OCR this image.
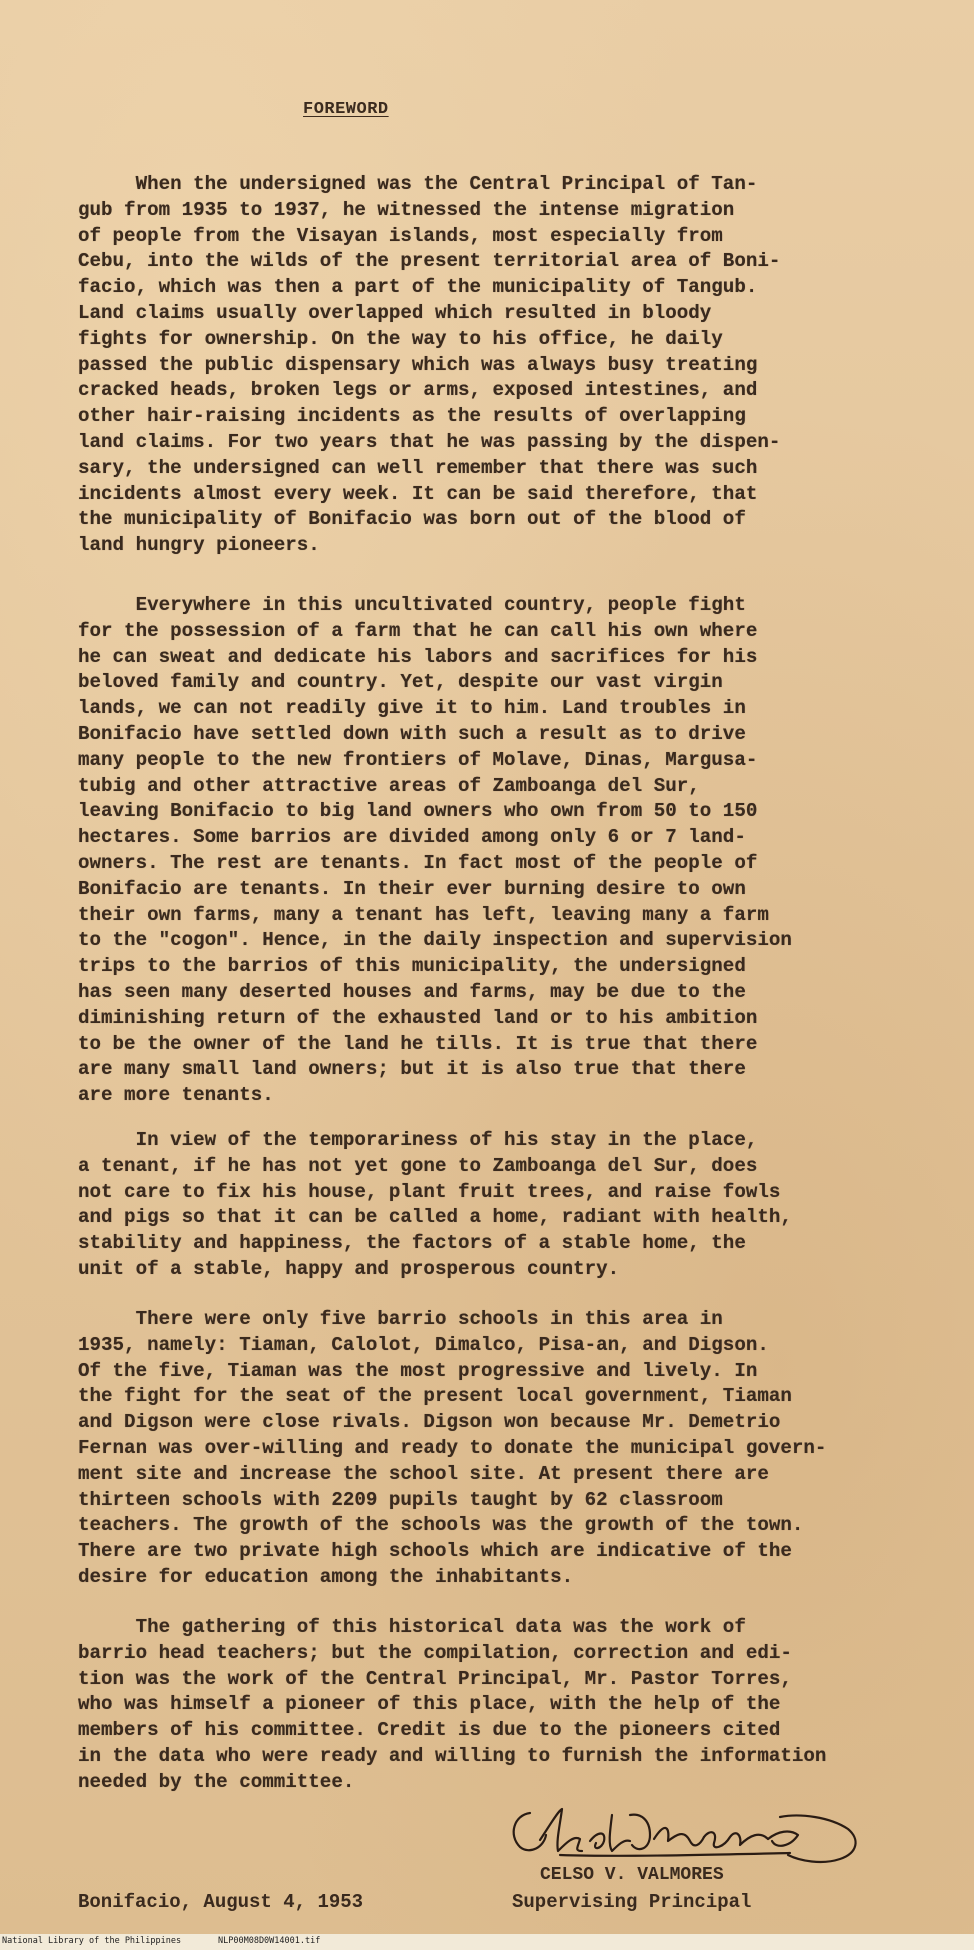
FOREWORD

When the undersigned was the Central Principal of Tan-
gub from 1935 to 1937, he witnessed the intense migration
of people from the Visayan islands, most especially from
Cebu, into the wilds of the present territorial area of Boni-
facio, which was then a part of the municipality of Tangub.
Land claims usually overlapped which resulted in bloody
fights for ownership. On the way to his office, he daily
passed the public dispensary which was always busy treating
cracked heads, broken legs or arms, exposed intestines, and
other hair-raising incidents as the results of overlapping
land claims. For two years that he was passing by the dispen-
sary, the undersigned can well remember that there was such
incidents almost every week. It can be said therefore, that
the municipality of Bonifacio was born out of the blood of
land hungry pioneers.

Everywhere in this uncultivated country, people fight
for the possession of a farm that he can call his own where
he can sweat and dedicate his labors and sacrifices for his
beloved family and country. Yet, despite our vast virgin
lands, we can not readily give it to him. Land troubles in
Bonifacio have settled down with such a result as to drive
many people to the new frontiers of Molave, Dinas, Margusa-
tubig and other attractive areas of Zamboanga del Sur,
leaving Bonifacio to big land owners who own from 50 to 150
hectares. Some barrios are divided among only 6 or 7 land-
owners. The rest are tenants. In fact most of the people of
Bonifacio are tenants. In their ever burning desire to own
their own farms, many a tenant has left, leaving many a farm
to the "cogon". Hence, in the daily inspection and supervision
trips to the barrios of this municipality, the undersigned
has seen many deserted houses and farms, may be due to the
diminishing return of the exhausted land or to his ambition
to be the owner of the land he tills. It is true that there
are many small land owners; but it is also true that there
are more tenants.

In view of the temporariness of his stay in the place,
a tenant, if he has not yet gone to Zamboanga del Sur, does
not care to fix his house, plant fruit trees, and raise fowls
and pigs so that it can be called a home, radiant with health,
stability and happiness, the factors of a stable home, the
unit of a stable, happy and prosperous country.

There were only five barrio schools in this area in
1935, namely: Tiaman, Calolot, Dimalco, Pisa-an, and Digson.
Of the five, Tiaman was the most progressive and lively. In
the fight for the seat of the present local government, Tiaman
and Digson were close rivals. Digson won because Mr. Demetrio
Fernan was over-willing and ready to donate the municipal govern-
ment site and increase the school site. At present there are
thirteen schools with 2209 pupils taught by 62 classroom
teachers. The growth of the schools was the growth of the town.
There are two private high schools which are indicative of the
desire for education among the inhabitants.

The gathering of this historical data was the work of
barrio head teachers; but the compilation, correction and edi-
tion was the work of the Central Principal, Mr. Pastor Torres,
who was himself a pioneer of this place, with the help of the
members of his committee. Credit is due to the pioneers cited
in the data who were ready and willing to furnish the information
needed by the committee.

CELSO V. VALMORES
Bonifacio, August 4, 1953	Supervising Principal
National Library of the Philippines	NLP00M08D0W14001.tif
